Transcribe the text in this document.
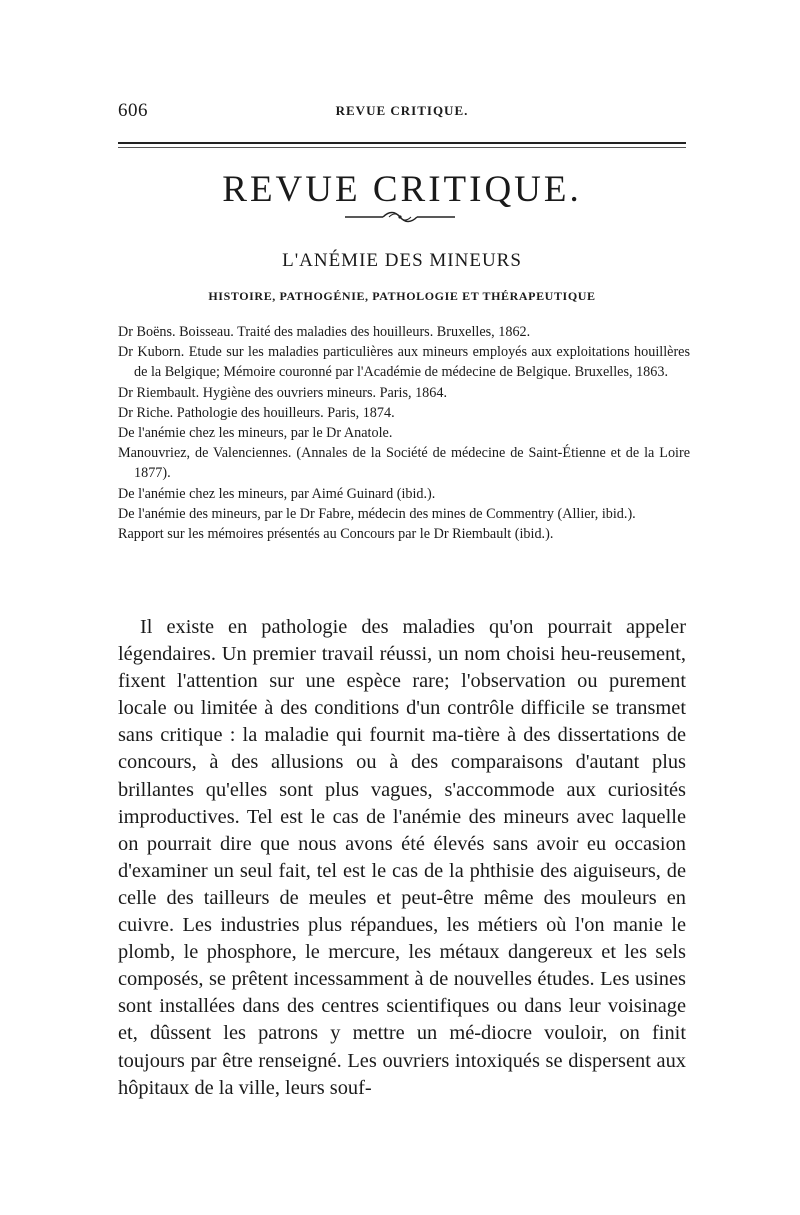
606	REVUE CRITIQUE.
REVUE CRITIQUE.
L'ANÉMIE DES MINEURS
HISTOIRE, PATHOGÉNIE, PATHOLOGIE ET THÉRAPEUTIQUE

Dr Boëns. Boisseau. Traité des maladies des houilleurs. Bruxelles, 1862.

Dr Kuborn. Etude sur les maladies particulières aux mineurs employés aux exploitations houillères de la Belgique; Mémoire couronné par l'Académie de médecine de Belgique. Bruxelles, 1863.

Dr Riembault. Hygiène des ouvriers mineurs. Paris, 1864.

Dr Riche. Pathologie des houilleurs. Paris, 1874.

De l'anémie chez les mineurs, par le Dr Anatole.

Manouvriez, de Valenciennes. (Annales de la Société de médecine de Saint-Étienne et de la Loire 1877).

De l'anémie chez les mineurs, par Aimé Guinard (ibid.).

De l'anémie des mineurs, par le Dr Fabre, médecin des mines de Commentry (Allier, ibid.).

Rapport sur les mémoires présentés au Concours par le Dr Riembault (ibid.).

Il existe en pathologie des maladies qu'on pourrait appeler légendaires. Un premier travail réussi, un nom choisi heu-reusement, fixent l'attention sur une espèce rare; l'observation ou purement locale ou limitée à des conditions d'un contrôle difficile se transmet sans critique : la maladie qui fournit ma-tière à des dissertations de concours, à des allusions ou à des comparaisons d'autant plus brillantes qu'elles sont plus vagues, s'accommode aux curiosités improductives. Tel est le cas de l'anémie des mineurs avec laquelle on pourrait dire que nous avons été élevés sans avoir eu occasion d'examiner un seul fait, tel est le cas de la phthisie des aiguiseurs, de celle des tailleurs de meules et peut-être même des mouleurs en cuivre. Les industries plus répandues, les métiers où l'on manie le plomb, le phosphore, le mercure, les métaux dangereux et les sels composés, se prêtent incessamment à de nouvelles études. Les usines sont installées dans des centres scientifiques ou dans leur voisinage et, dûssent les patrons y mettre un mé-diocre vouloir, on finit toujours par être renseigné. Les ouvriers intoxiqués se dispersent aux hôpitaux de la ville, leurs souf-
